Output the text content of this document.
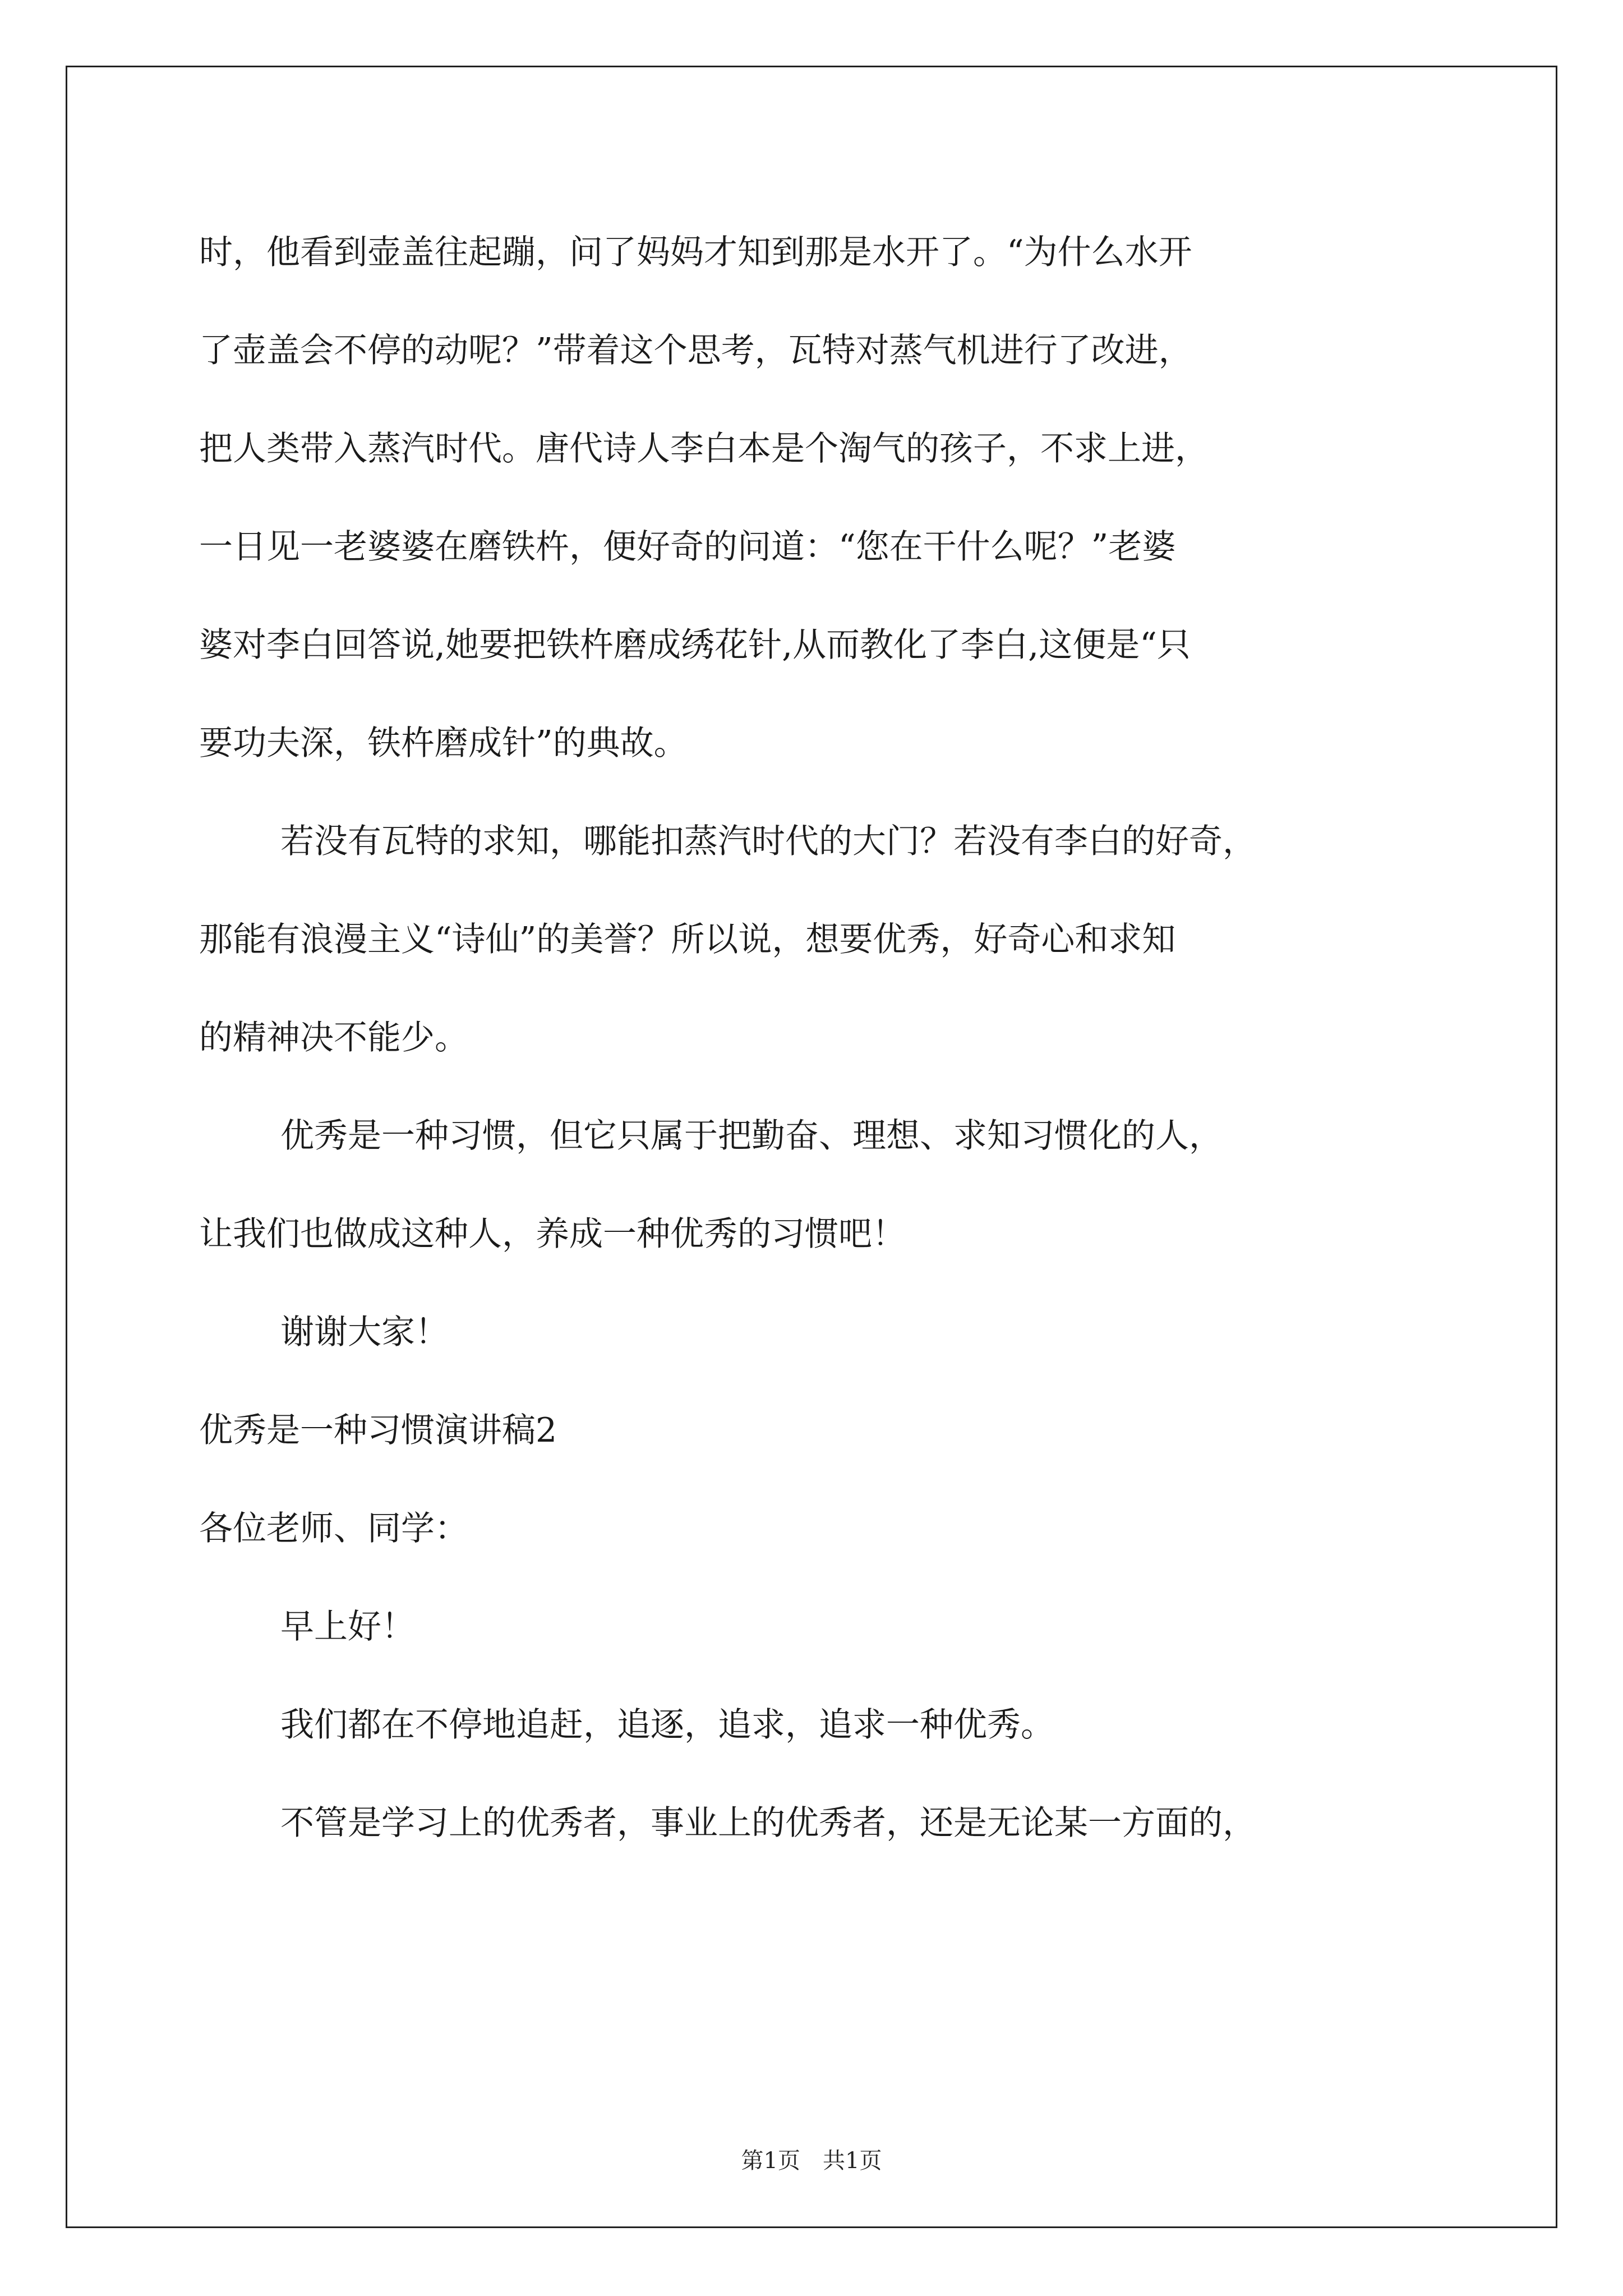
时，他看到壶盖往起蹦，问了妈妈才知到那是水开了。“为什么水开

了壶盖会不停的动呢？”带着这个思考，瓦特对蒸气机进行了改进，

把人类带入蒸汽时代。唐代诗人李白本是个淘气的孩子，不求上进，

一日见一老婆婆在磨铁杵，便好奇的问道：“您在干什么呢？”老婆

婆对李白回答说,她要把铁杵磨成绣花针,从而教化了李白,这便是“只

要功夫深，铁杵磨成针”的典故。

若没有瓦特的求知，哪能扣蒸汽时代的大门？若没有李白的好奇，

那能有浪漫主义“诗仙”的美誉？所以说，想要优秀，好奇心和求知

的精神决不能少。

优秀是一种习惯，但它只属于把勤奋、理想、求知习惯化的人，

让我们也做成这种人，养成一种优秀的习惯吧！

谢谢大家！

优秀是一种习惯演讲稿2

各位老师、同学：

早上好！

我们都在不停地追赶，追逐，追求，追求一种优秀。

不管是学习上的优秀者，事业上的优秀者，还是无论某一方面的，

第1页　共1页
